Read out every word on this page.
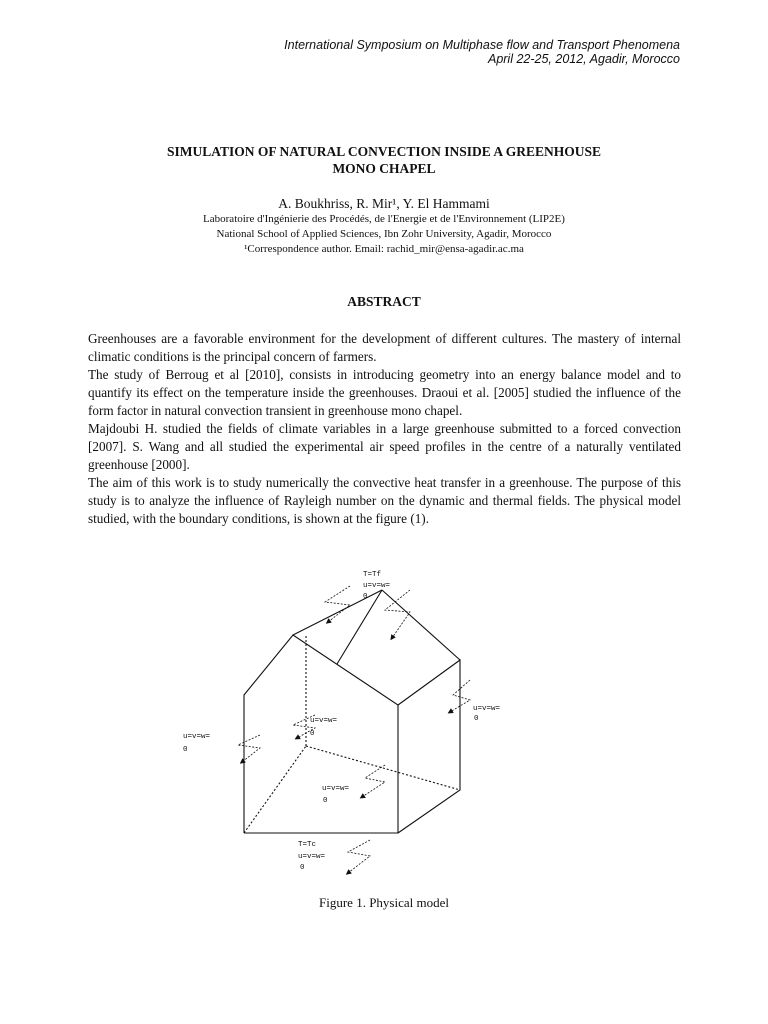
International Symposium on Multiphase flow and Transport Phenomena
April 22-25, 2012, Agadir, Morocco
SIMULATION OF NATURAL CONVECTION INSIDE A GREENHOUSE
MONO CHAPEL
A. Boukhriss, R. Mir¹, Y. El Hammami
Laboratoire d'Ingénierie des Procédés, de l'Energie et de l'Environnement (LIP2E)
National School of Applied Sciences, Ibn Zohr University, Agadir, Morocco
¹Correspondence author. Email: rachid_mir@ensa-agadir.ac.ma
ABSTRACT

Greenhouses are a favorable environment for the development of different cultures. The mastery of internal climatic conditions is the principal concern of farmers.

The study of Berroug et al [2010], consists in introducing geometry into an energy balance model and to quantify its effect on the temperature inside the greenhouses. Draoui et al. [2005] studied the influence of the form factor in natural convection transient in greenhouse mono chapel.

Majdoubi H. studied the fields of climate variables in a large greenhouse submitted to a forced convection [2007]. S. Wang and all studied the experimental air speed profiles in the centre of a naturally ventilated greenhouse [2000].

The aim of this work is to study numerically the convective heat transfer in a greenhouse. The purpose of this study is to analyze the influence of Rayleigh number on the dynamic and thermal fields. The physical model studied, with the boundary conditions, is shown at the figure (1).

T=Tf
u=v=w=
0
u=v=w=
0
u=v=w=
0
u=v=w=
0
u=v=w=
0
T=Tc
u=v=w=
0
Figure 1. Physical model
